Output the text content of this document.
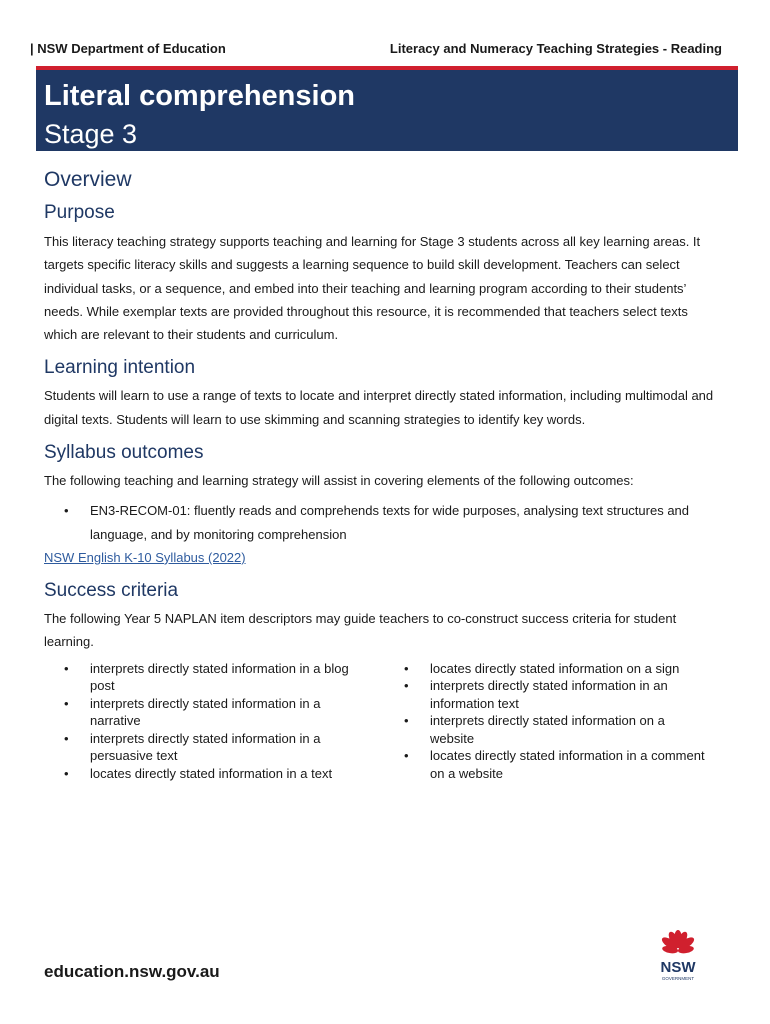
| NSW Department of Education	Literacy and Numeracy Teaching Strategies - Reading
Literal comprehension
Stage 3
Overview
Purpose

This literacy teaching strategy supports teaching and learning for Stage 3 students across all key learning areas. It targets specific literacy skills and suggests a learning sequence to build skill development. Teachers can select individual tasks, or a sequence, and embed into their teaching and learning program according to their students’ needs. While exemplar texts are provided throughout this resource, it is recommended that teachers select texts which are relevant to their students and curriculum.

Learning intention

Students will learn to use a range of texts to locate and interpret directly stated information, including multimodal and digital texts. Students will learn to use skimming and scanning strategies to identify key words.

Syllabus outcomes

The following teaching and learning strategy will assist in covering elements of the following outcomes:

• EN3-RECOM-01: fluently reads and comprehends texts for wide purposes, analysing text structures and language, and by monitoring comprehension
NSW English K-10 Syllabus (2022)
Success criteria

The following Year 5 NAPLAN item descriptors may guide teachers to co-construct success criteria for student learning.

• interprets directly stated information in a blog post
• interprets directly stated information in a narrative
• interprets directly stated information in a persuasive text
• locates directly stated information in a text
• locates directly stated information on a sign
• interprets directly stated information in an information text
• interprets directly stated information on a website
• locates directly stated information in a comment on a website
education.nsw.gov.au	NSW
GOVERNMENT
